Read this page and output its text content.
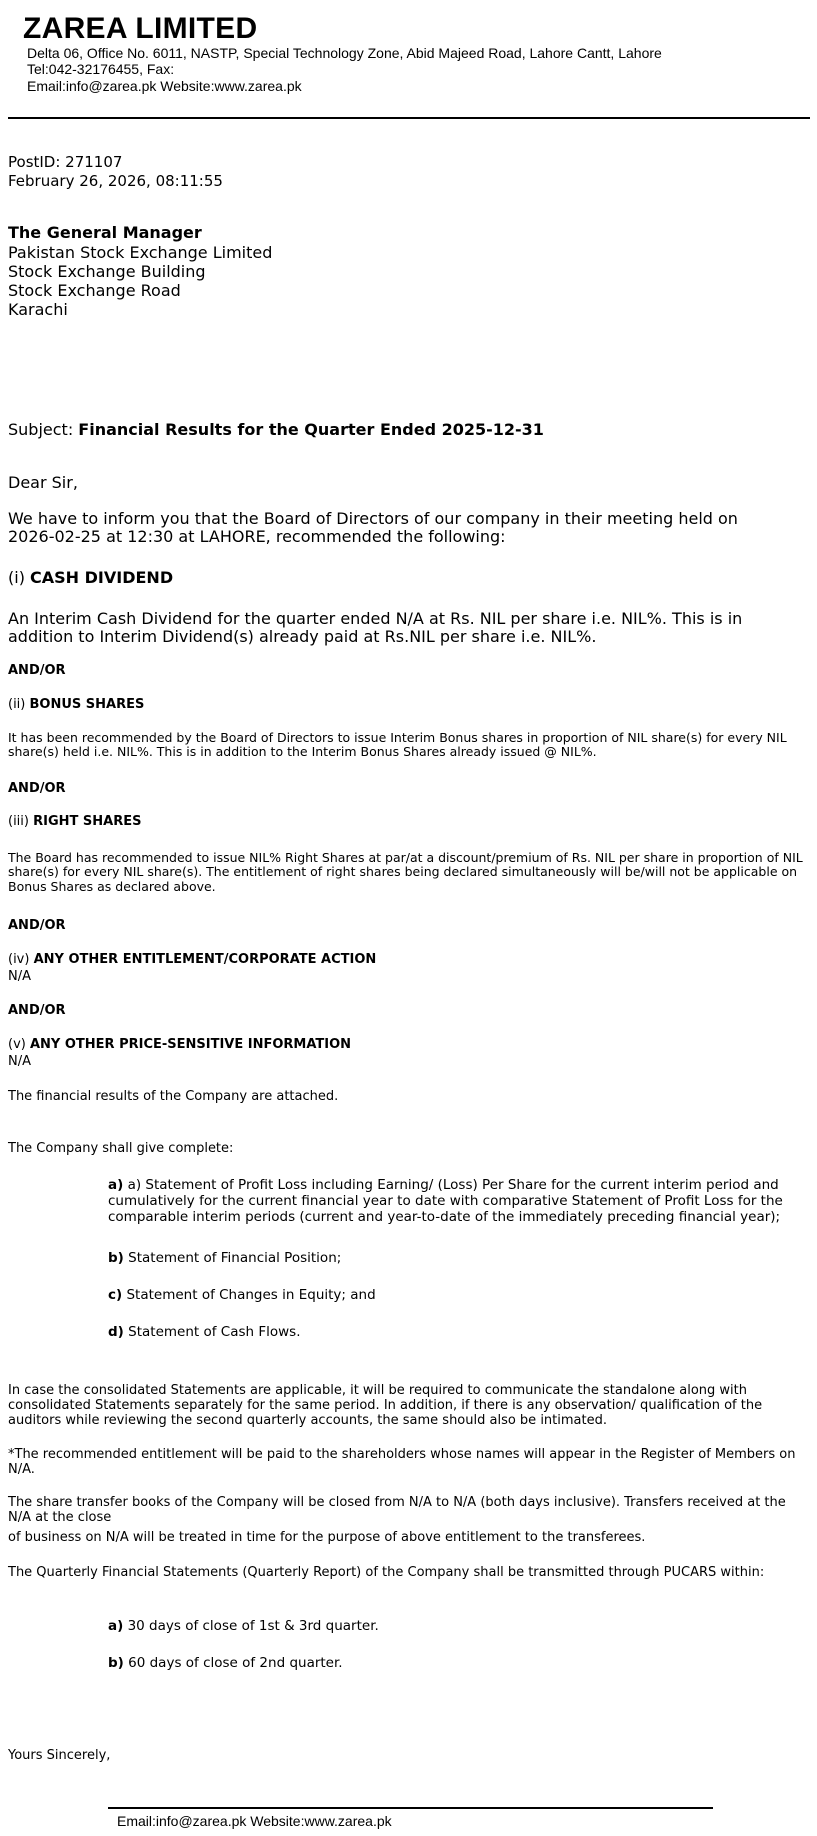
ZAREA LIMITED
Delta 06, Office No. 6011, NASTP, Special Technology Zone, Abid Majeed Road, Lahore Cantt, Lahore
Tel:042-32176455, Fax:
Email:info@zarea.pk Website:www.zarea.pk
PostID: 271107
February 26, 2026, 08:11:55
The General Manager
Pakistan Stock Exchange Limited
Stock Exchange Building
Stock Exchange Road
Karachi
Subject: Financial Results for the Quarter Ended 2025-12-31
Dear Sir,
We have to inform you that the Board of Directors of our company in their meeting held on 2026-02-25 at 12:30 at LAHORE, recommended the following:
(i) CASH DIVIDEND
An Interim Cash Dividend for the quarter ended N/A at Rs. NIL per share i.e. NIL%. This is in addition to Interim Dividend(s) already paid at Rs.NIL per share i.e. NIL%.
AND/OR
(ii) BONUS SHARES
It has been recommended by the Board of Directors to issue Interim Bonus shares in proportion of NIL share(s) for every NIL share(s) held i.e. NIL%. This is in addition to the Interim Bonus Shares already issued @ NIL%.
AND/OR
(iii) RIGHT SHARES
The Board has recommended to issue NIL% Right Shares at par/at a discount/premium of Rs. NIL per share in proportion of NIL share(s) for every NIL share(s). The entitlement of right shares being declared simultaneously will be/will not be applicable on Bonus Shares as declared above.
AND/OR
(iv) ANY OTHER ENTITLEMENT/CORPORATE ACTION
N/A
AND/OR
(v) ANY OTHER PRICE-SENSITIVE INFORMATION
N/A
The financial results of the Company are attached.
The Company shall give complete:
a) a) Statement of Profit Loss including Earning/ (Loss) Per Share for the current interim period and cumulatively for the current financial year to date with comparative Statement of Profit Loss for the comparable interim periods (current and year-to-date of the immediately preceding financial year);
b) Statement of Financial Position;
c) Statement of Changes in Equity; and
d) Statement of Cash Flows.
In case the consolidated Statements are applicable, it will be required to communicate the standalone along with consolidated Statements separately for the same period. In addition, if there is any observation/ qualification of the auditors while reviewing the second quarterly accounts, the same should also be intimated.
*The recommended entitlement will be paid to the shareholders whose names will appear in the Register of Members on N/A.
The share transfer books of the Company will be closed from N/A to N/A (both days inclusive). Transfers received at the N/A at the close
of business on N/A will be treated in time for the purpose of above entitlement to the transferees.
The Quarterly Financial Statements (Quarterly Report) of the Company shall be transmitted through PUCARS within:
a) 30 days of close of 1st & 3rd quarter.
b) 60 days of close of 2nd quarter.
Yours Sincerely,
Email:info@zarea.pk Website:www.zarea.pk
